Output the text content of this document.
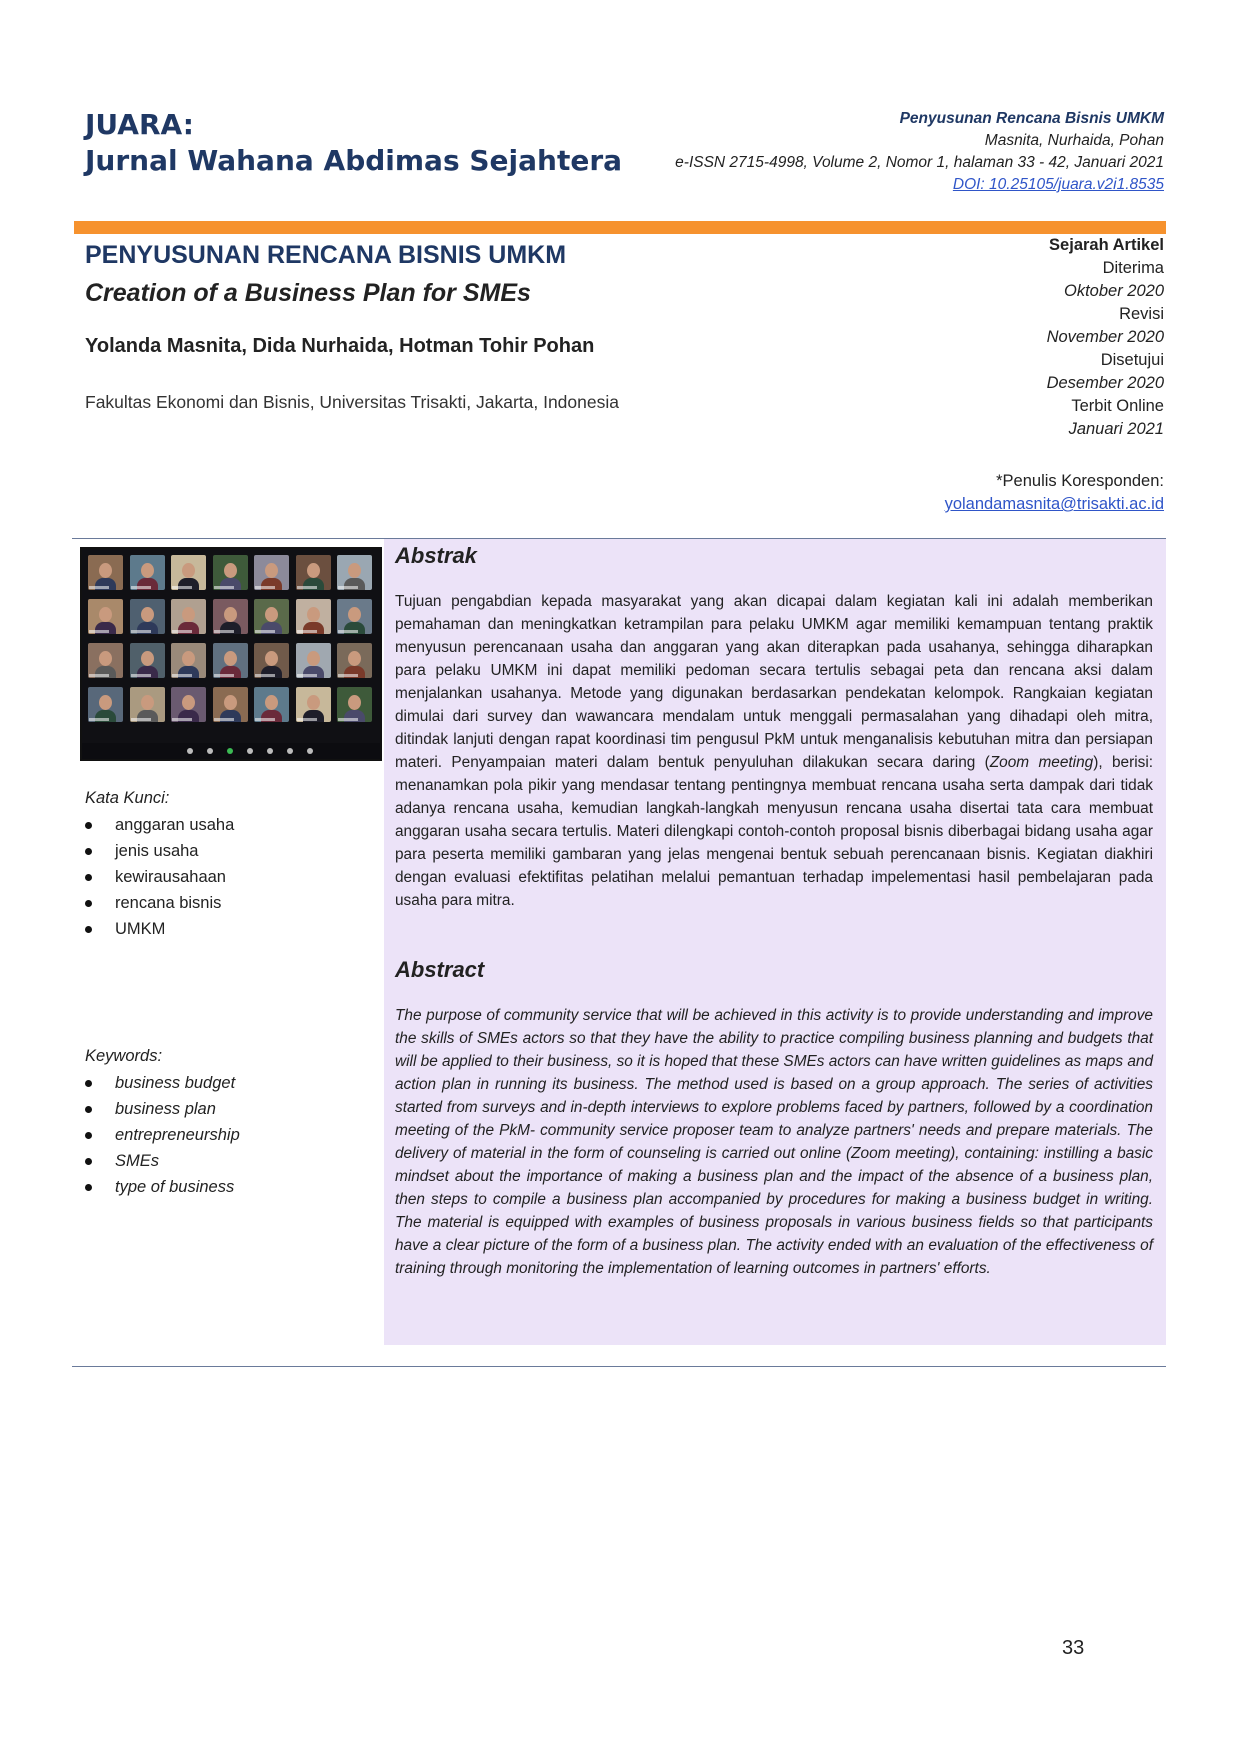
JUARA:
Jurnal Wahana Abdimas Sejahtera
Penyusunan Rencana Bisnis UMKM
Masnita, Nurhaida, Pohan
e-ISSN 2715-4998, Volume 2, Nomor 1, halaman 33 - 42, Januari 2021
DOI: 10.25105/juara.v2i1.8535
PENYUSUNAN RENCANA BISNIS UMKM
Creation of a Business Plan for SMEs
Yolanda Masnita, Dida Nurhaida, Hotman Tohir Pohan
Fakultas Ekonomi dan Bisnis, Universitas Trisakti, Jakarta, Indonesia
Sejarah Artikel
Diterima
Oktober 2020
Revisi
November 2020
Disetujui
Desember 2020
Terbit Online
Januari 2021
*Penulis Koresponden:
yolandamasnita@trisakti.ac.id
Kata Kunci:
anggaran usaha
jenis usaha
kewirausahaan
rencana bisnis
UMKM
Keywords:
business budget
business plan
entrepreneurship
SMEs
type of business
Abstrak
Tujuan pengabdian kepada masyarakat yang akan dicapai dalam kegiatan kali ini adalah memberikan pemahaman dan meningkatkan ketrampilan para pelaku UMKM agar memiliki kemampuan tentang praktik menyusun perencanaan usaha dan anggaran yang akan diterapkan pada usahanya, sehingga diharapkan para pelaku UMKM ini dapat memiliki pedoman secara tertulis sebagai peta dan rencana aksi dalam menjalankan usahanya. Metode yang digunakan berdasarkan pendekatan kelompok. Rangkaian kegiatan dimulai dari survey dan wawancara mendalam untuk menggali permasalahan yang dihadapi oleh mitra, ditindak lanjuti dengan rapat koordinasi tim pengusul PkM untuk menganalisis kebutuhan mitra dan persiapan materi. Penyampaian materi dalam bentuk penyuluhan dilakukan secara daring (Zoom meeting), berisi: menanamkan pola pikir yang mendasar tentang pentingnya membuat rencana usaha serta dampak dari tidak adanya rencana usaha, kemudian langkah-langkah menyusun rencana usaha disertai tata cara membuat anggaran usaha secara tertulis. Materi dilengkapi contoh-contoh proposal bisnis diberbagai bidang usaha agar para peserta memiliki gambaran yang jelas mengenai bentuk sebuah perencanaan bisnis. Kegiatan diakhiri dengan evaluasi efektifitas pelatihan melalui pemantuan terhadap impelementasi hasil pembelajaran pada usaha para mitra.
Abstract
The purpose of community service that will be achieved in this activity is to provide understanding and improve the skills of SMEs actors so that they have the ability to practice compiling business planning and budgets that will be applied to their business, so it is hoped that these SMEs actors can have written guidelines as maps and action plan in running its business. The method used is based on a group approach. The series of activities started from surveys and in-depth interviews to explore problems faced by partners, followed by a coordination meeting of the PkM- community service proposer team to analyze partners' needs and prepare materials. The delivery of material in the form of counseling is carried out online (Zoom meeting), containing: instilling a basic mindset about the importance of making a business plan and the impact of the absence of a business plan, then steps to compile a business plan accompanied by procedures for making a business budget in writing. The material is equipped with examples of business proposals in various business fields so that participants have a clear picture of the form of a business plan. The activity ended with an evaluation of the effectiveness of training through monitoring the implementation of learning outcomes in partners' efforts.
33
